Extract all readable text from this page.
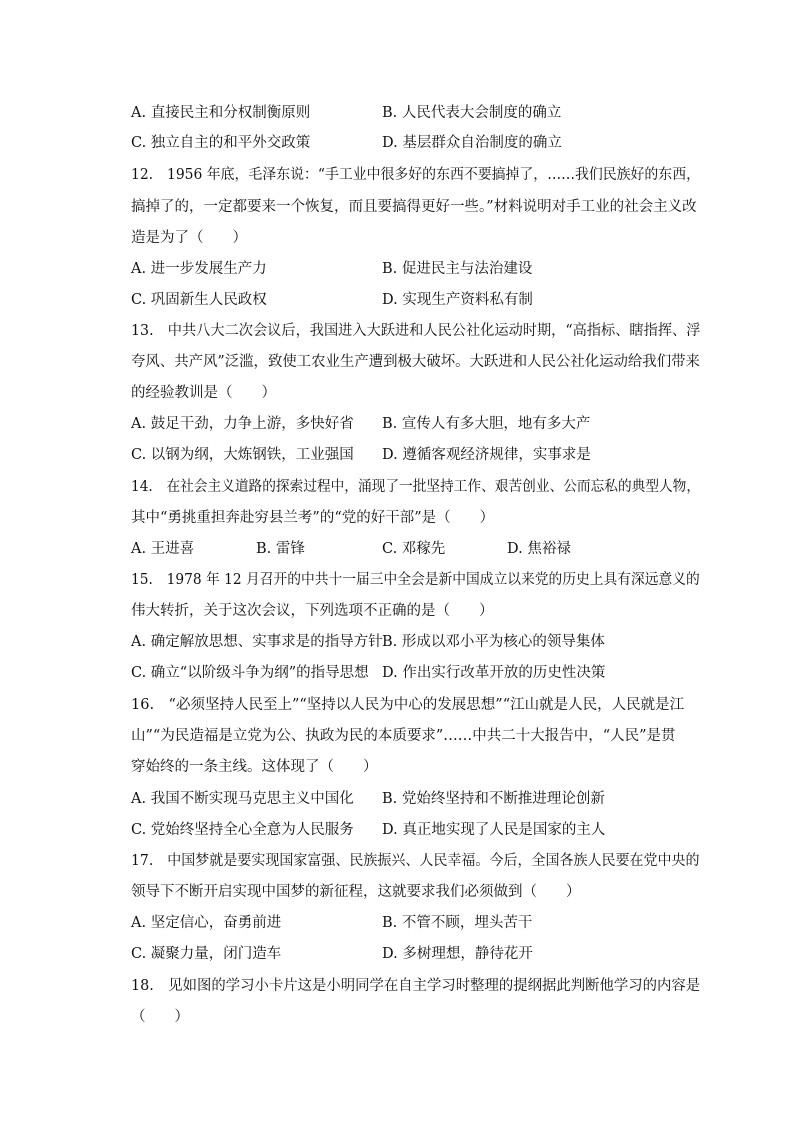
A. 直接民主和分权制衡原则	B. 人民代表大会制度的确立
C. 独立自主的和平外交政策	D. 基层群众自治制度的确立
12.　1956 年底，毛泽东说：“手工业中很多好的东西不要搞掉了，……我们民族好的东西，
搞掉了的，一定都要来一个恢复，而且要搞得更好一些。”材料说明对手工业的社会主义改
造是为了（　　）
A. 进一步发展生产力	B. 促进民主与法治建设
C. 巩固新生人民政权	D. 实现生产资料私有制
13.　中共八大二次会议后，我国进入大跃进和人民公社化运动时期，“高指标、瞎指挥、浮
夸风、共产风”泛滥，致使工农业生产遭到极大破坏。大跃进和人民公社化运动给我们带来
的经验教训是（　　）
A. 鼓足干劲，力争上游，多快好省 B. 宣传人有多大胆，地有多大产
C. 以钢为纲，大炼钢铁，工业强国 D. 遵循客观经济规律，实事求是
14.　在社会主义道路的探索过程中，涌现了一批坚持工作、艰苦创业、公而忘私的典型人物，
其中“勇挑重担奔赴穷县兰考”的“党的好干部”是（　　）
A. 王进喜	B. 雷锋	C. 邓稼先	D. 焦裕禄
15.　1978 年 12 月召开的中共十一届三中全会是新中国成立以来党的历史上具有深远意义的
伟大转折，关于这次会议，下列选项不正确的是（　　）
A. 确定解放思想、实事求是的指导方针 B. 形成以邓小平为核心的领导集体
C. 确立“以阶级斗争为纲”的指导思想 D. 作出实行改革开放的历史性决策
16.　“必须坚持人民至上”“坚持以人民为中心的发展思想”“江山就是人民，人民就是江
山”“为民造福是立党为公、执政为民的本质要求”……中共二十大报告中，“人民”是贯
穿始终的一条主线。这体现了（　　）
A. 我国不断实现马克思主义中国化 B. 党始终坚持和不断推进理论创新
C. 党始终坚持全心全意为人民服务 D. 真正地实现了人民是国家的主人
17.　中国梦就是要实现国家富强、民族振兴、人民幸福。今后，全国各族人民要在党中央的
领导下不断开启实现中国梦的新征程，这就要求我们必须做到（　　）
A. 坚定信心，奋勇前进	B. 不管不顾，埋头苦干
C. 凝聚力量，闭门造车	D. 多树理想，静待花开
18.　见如图的学习小卡片这是小明同学在自主学习时整理的提纲据此判断他学习的内容是
（　　）
